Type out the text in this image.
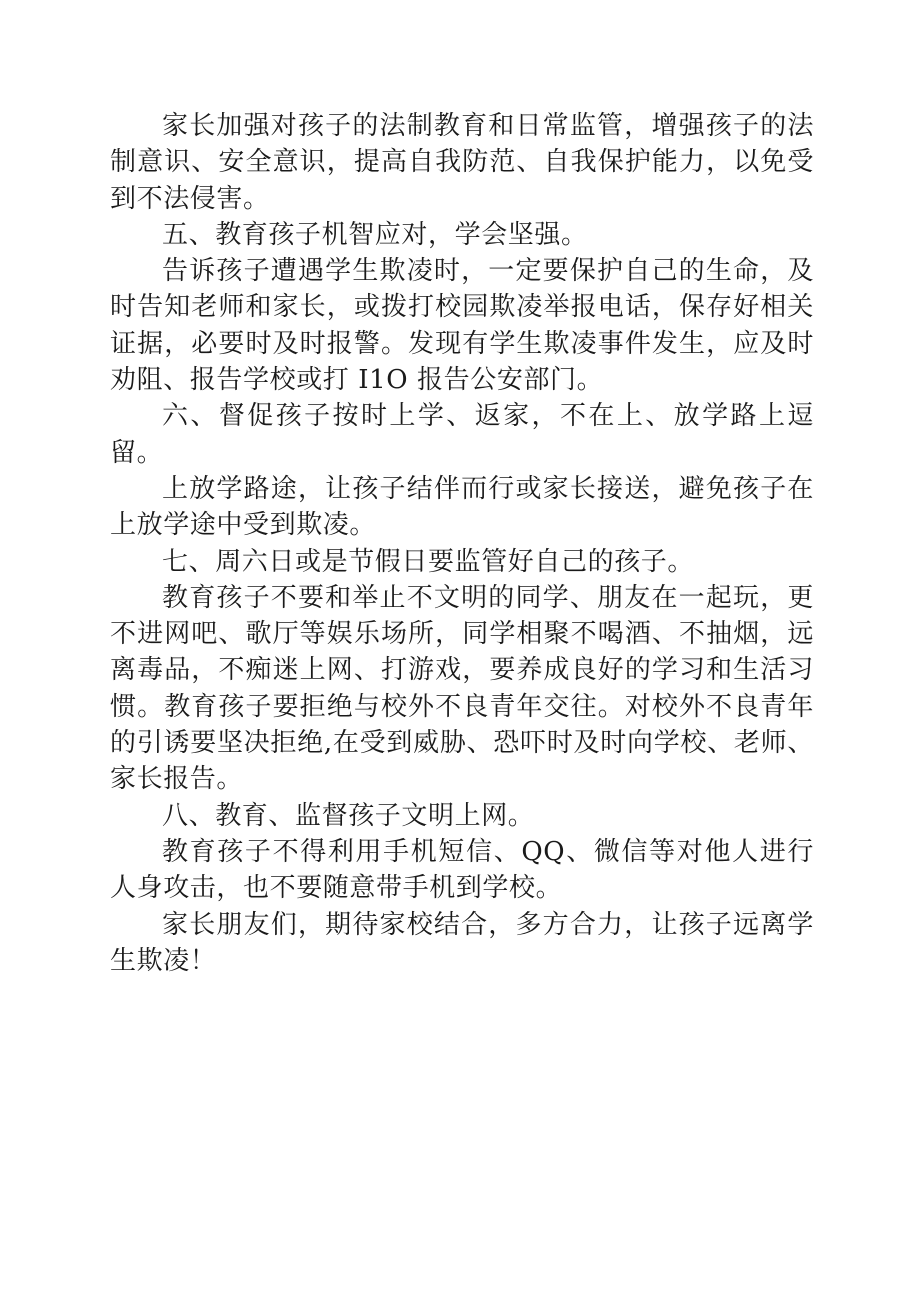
家长加强对孩子的法制教育和日常监管，增强孩子的法制意识、安全意识，提高自我防范、自我保护能力，以免受到不法侵害。

五、教育孩子机智应对，学会坚强。

告诉孩子遭遇学生欺凌时，一定要保护自己的生命，及时告知老师和家长，或拨打校园欺凌举报电话，保存好相关证据，必要时及时报警。发现有学生欺凌事件发生，应及时劝阻、报告学校或打 I1O 报告公安部门。

六、督促孩子按时上学、返家，不在上、放学路上逗留。

上放学路途，让孩子结伴而行或家长接送，避免孩子在上放学途中受到欺凌。

七、周六日或是节假日要监管好自己的孩子。

教育孩子不要和举止不文明的同学、朋友在一起玩，更不进网吧、歌厅等娱乐场所，同学相聚不喝酒、不抽烟，远离毒品，不痴迷上网、打游戏，要养成良好的学习和生活习惯。教育孩子要拒绝与校外不良青年交往。对校外不良青年的引诱要坚决拒绝,在受到威胁、恐吓时及时向学校、老师、家长报告。

八、教育、监督孩子文明上网。

教育孩子不得利用手机短信、QQ、微信等对他人进行人身攻击，也不要随意带手机到学校。

家长朋友们，期待家校结合，多方合力，让孩子远离学生欺凌！
